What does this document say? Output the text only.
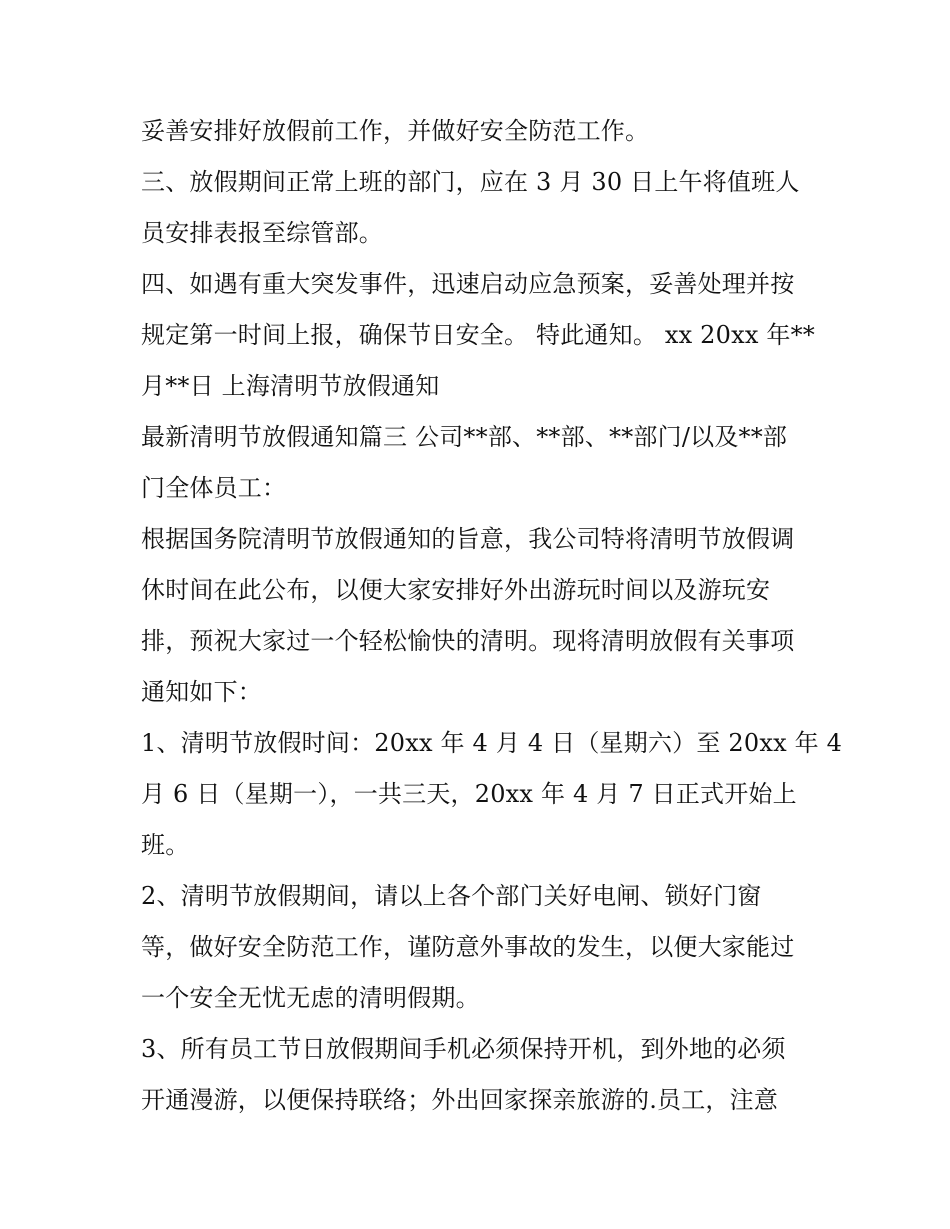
妥善安排好放假前工作，并做好安全防范工作。
三、放假期间正常上班的部门，应在 3 月 30 日上午将值班人
员安排表报至综管部。
四、如遇有重大突发事件，迅速启动应急预案，妥善处理并按
规定第一时间上报，确保节日安全。 特此通知。 xx 20xx 年**
月**日 上海清明节放假通知
最新清明节放假通知篇三 公司**部、**部、**部门/以及**部
门全体员工：
根据国务院清明节放假通知的旨意，我公司特将清明节放假调
休时间在此公布，以便大家安排好外出游玩时间以及游玩安
排，预祝大家过一个轻松愉快的清明。现将清明放假有关事项
通知如下：
1、清明节放假时间：20xx 年 4 月 4 日（星期六）至 20xx 年 4
月 6 日（星期一），一共三天，20xx 年 4 月 7 日正式开始上
班。
2、清明节放假期间，请以上各个部门关好电闸、锁好门窗
等，做好安全防范工作，谨防意外事故的发生，以便大家能过
一个安全无忧无虑的清明假期。
3、所有员工节日放假期间手机必须保持开机，到外地的必须
开通漫游，以便保持联络；外出回家探亲旅游的.员工，注意
